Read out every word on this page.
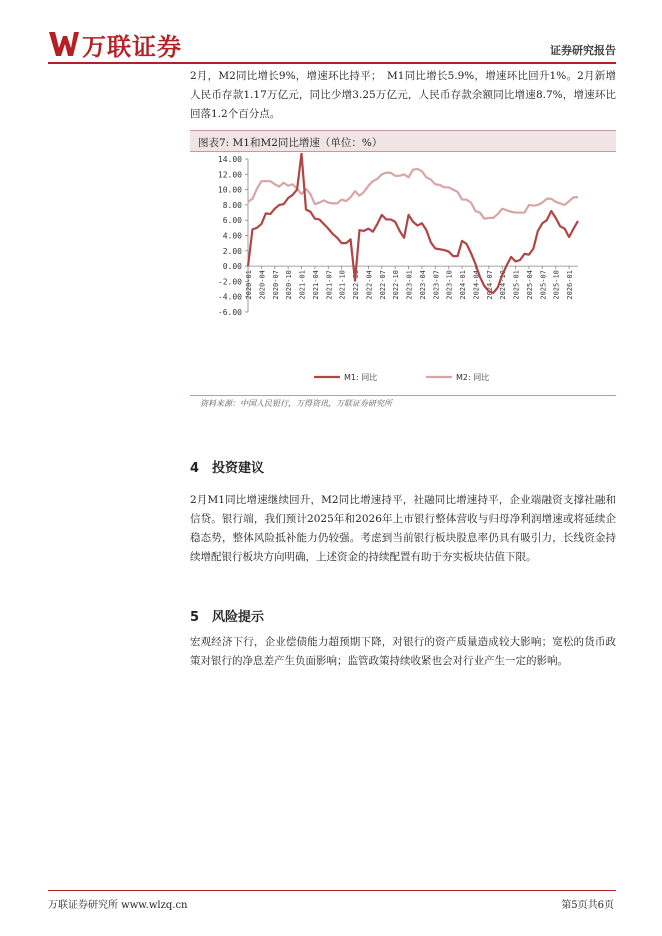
万联证券	证券研究报告

2月，M2同比增长9%，增速环比持平；　M1同比增长5.9%，增速环比回升1%。2月新增人民币存款1.17万亿元，同比少增3.25万亿元，人民币存款余额同比增速8.7%，增速环比回落1.2个百分点。

图表7: M1和M2同比增速（单位：%）
14.00
12.00
10.00
8.00
6.00
4.00
2.00
0.00
-2.00
-4.00
-6.00
2020-01 2020-04 2020-07 2020-10 2021-01 2021-04 2021-07 2021-10 2022-01 2022-04 2022-07 2022-10 2023-01 2023-04 2023-07 2023-10 2024-01 2024-04 2024-07 2024-10 2025-01 2025-04 2025-07 2025-10 2026-01
M1: 同比	M2: 同比
资料来源：中国人民银行，万得资讯，万联证券研究所
4 投资建议

2月M1同比增速继续回升，M2同比增速持平，社融同比增速持平，企业端融资支撑社融和信贷。银行端，我们预计2025年和2026年上市银行整体营收与归母净利润增速或将延续企稳态势，整体风险抵补能力仍较强。考虑到当前银行板块股息率仍具有吸引力，长线资金持续增配银行板块方向明确，上述资金的持续配置有助于夯实板块估值下限。

5 风险提示

宏观经济下行，企业偿债能力超预期下降，对银行的资产质量造成较大影响；宽松的货币政策对银行的净息差产生负面影响；监管政策持续收紧也会对行业产生一定的影响。

万联证券研究所 www.wlzq.cn	第5页共6页
